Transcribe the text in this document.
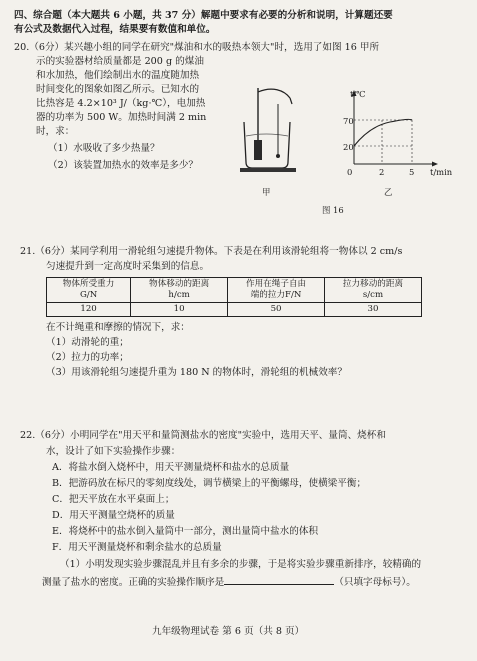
四、综合题（本大题共 6 小题，共 37 分）解题中要求有必要的分析和说明，计算题还要
有公式及数据代入过程，结果要有数值和单位。
20.（6分）某兴趣小组的同学在研究"煤油和水的吸热本领大"时，选用了如图 16 甲所
示的实验器材给质量都是 200 g 的煤油
和水加热，他们绘制出水的温度随加热
时间变化的图象如图乙所示。已知水的
比热容是 4.2×10³ J/（kg·℃），电加热
器的功率为 500 W。加热时间满 2 min
时，求：
（1）水吸收了多少热量？
（2）该装置加热水的效率是多少？
甲
t/℃
70
20
0	2	5 t/min
乙
图 16
21.（6分）某同学利用一滑轮组匀速提升物体。下表是在利用该滑轮组将一物体以 2 cm/s
匀速提升到一定高度时采集到的信息。
物体所受重力
G/N	物体移动的距离
h/cm	作用在绳子自由
端的拉力F/N	拉力移动的距离
s/cm
120	10	50	30
在不计绳重和摩擦的情况下，求：
（1）动滑轮的重；
（2）拉力的功率；
（3）用该滑轮组匀速提升重为 180 N 的物体时，滑轮组的机械效率？
22.（6分）小明同学在"用天平和量筒测盐水的密度"实验中，选用天平、量筒、烧杯和
水，设计了如下实验操作步骤：
A．将盐水倒入烧杯中，用天平测量烧杯和盐水的总质量
B．把游码放在标尺的零刻度线处，调节横梁上的平衡螺母，使横梁平衡；
C．把天平放在水平桌面上；
D．用天平测量空烧杯的质量
E．将烧杯中的盐水倒入量筒中一部分，测出量筒中盐水的体积
F．用天平测量烧杯和剩余盐水的总质量
（1）小明发现实验步骤混乱并且有多余的步骤，于是将实验步骤重新排序，较精确的
测量了盐水的密度。正确的实验操作顺序是	（只填字母标号）。
九年级物理试卷 第 6 页（共 8 页）
